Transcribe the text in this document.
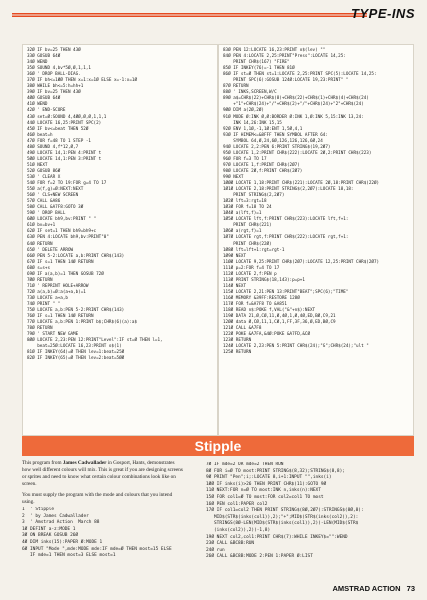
TYPE-INS
32Ø IF bv=25 THEN 43Ø
33Ø GOSUB 64Ø
34Ø WEND
35Ø SOUND 4,bv*5Ø,Ø,1,1,1
36Ø ' DROP BALL-DIAG.
37Ø IF bh<=1ØØ THEN x=1:x=1Ø ELSE x=-1:x=1Ø
38Ø WHILE bh<=5:h=hh+1
39Ø IF bv=25 THEN 43Ø
4ØØ GOSUB 64Ø
41Ø WEND
42Ø ' END-SCORE
43Ø set=Ø:SOUND 4,4ØØ,Ø,Ø,1,1,1
44Ø LOCATE 16,25:PRINT SPC(2)
45Ø IF bv<=beat THEN 52Ø
46Ø beat=h
47Ø FOR f=48 TO 1 STEP -1
48Ø SOUND 4,f*12,Ø,7
49Ø LOCATE 14,1:PEN 4:PRINT t
5ØØ LOCATE 14,1:PEN 3:PRINT t
51Ø NEXT
52Ø GOSUB 86Ø
53Ø ' CLEAR X
54Ø FOR f=2 TO 19:FOR g=4 TO 17
55Ø a(f,g)=Ø:NEXT:NEXT
56Ø ' CLS+NEW SCREEN
57Ø CALL &A86
58Ø CALL &A7F8:GOTO 3Ø
59Ø ' DROP BALL
6ØØ LOCATE bh9,bv:PRINT " "
61Ø bv=bv+1
62Ø IF set=1 THEN bh9=bh9+c
63Ø PEN 4:LOCATE bh9,bv:PRINT"0"
64Ø RETURN
65Ø ' DELETE ARROW
66Ø PEN 5-2:LOCATE a,b:PRINT CHR$(143)
67Ø IF s=1 THEN 14Ø RETURN
68Ø s=s+s
69Ø IF a(a,b)=1 THEN GOSUB 72Ø
7ØØ RETURN
71Ø ' REPRINT HOLE+ARROW
72Ø a(a,b)=Ø:a(a+a,b)=1
73Ø LOCATE a+a,b
74Ø PRINT " "
75Ø LOCATE a,b:PEN 5-2:PRINT CHR$(143)
76Ø IF s=1 THEN 14Ø RETURN
77Ø LOCATE a,b:PEN 1:PRINT b$;CHR$(6)(a):a$
78Ø RETURN
79Ø ' START NEW GAME
8ØØ LOCATE 2,23:PEN 12:PRINT"Level":IF st=Ø THEN l=1,
beat=25Ø:LOCATE 16,23:PRINT o$(1)
81Ø IF INKEY(64)=Ø THEN lev=1:beat=25Ø
82Ø IF INKEY(65)=Ø THEN lev=2:beat=5ØØ
83Ø PEN 12:LOCATE 16,23:PRINT o$(lev) ""
84Ø PEN 4:LOCATE 2,25:PRINT"Press":LOCATE 14,25:
PRINT CHR$(167) "FIRE"
85Ø IF INKEY(76)=-1 THEN 81Ø
86Ø IF st=Ø THEN st=1:LOCATE 2,25:PRINT SPC(5):LOCATE 14,25:
PRINT SPC(6):GOSUB 124Ø:LOCATE 19,23:PRINT" "
87Ø RETURN
88Ø ' INKS,SCREEN,W/C
89Ø a$=CHR$(22)+CHR$(8)+CHR$(22)+CHR$(1)+CHR$(4)+CHR$(24)
+"1"+CHR$(24)+"/"+CHR$(2)+"/"+CHR$(24)+"2"+CHR$(24)
9ØØ DIM a(2Ø,2Ø)
91Ø MODE Ø:INK Ø,Ø:BORDER Ø:INK 1,Ø:INK 5,15:INK 13,24:
INK 14,26:INK 15,15
92Ø ENV 1,1Ø,-1,1Ø:ENT 1,5Ø,4,1
93Ø IF HIMEM<=&8FFF THEN SYMBOL AFTER 64:
SYMBOL 64,Ø,24,6Ø,126,126,126,6Ø,24
94Ø LOCATE 2,2:PEN 6:PRINT STRING$(19,2Ø7)
95Ø LOCATE 1,2:PRINT CHR$(222):LOCATE 2Ø,2:PRINT CHR$(223)
96Ø FOR f=3 TO 17
97Ø LOCATE 1,f:PRINT CHR$(2Ø7)
98Ø LOCATE 2Ø,f:PRINT CHR$(2Ø7)
99Ø NEXT
1ØØØ LOCATE 1,18:PRINT CHR$(221):LOCATE 2Ø,18:PRINT CHR$(22Ø)
1Ø1Ø LOCATE 2,18:PRINT STRING$(2,2Ø7):LOCATE 18,18:
PRINT STRING$(2,2Ø7)
1Ø2Ø lft=3:rgt=18
1Ø3Ø FOR f=18 TO 24
1Ø4Ø a(lft,f)=1
1Ø5Ø LOCATE lft,f:PRINT CHR$(223):LOCATE lft,f+1:
PRINT CHR$(221)
1Ø6Ø a(rgt,f)=1
1Ø7Ø LOCATE rgt,f:PRINT CHR$(222):LOCATE rgt,f+1:
PRINT CHR$(22Ø)
1Ø8Ø lft=lft+1:rgt=rgt-1
1Ø9Ø NEXT
11ØØ LOCATE 9,25:PRINT CHR$(2Ø7):LOCATE 12,25:PRINT CHR$(2Ø7)
111Ø p=2:FOR f=4 TO 17
112Ø LOCATE 2,f:PEN p
113Ø PRINT STRING$(18,143):p=p+1
114Ø NEXT
115Ø LOCATE 2,21:PEN 13:PRINT"BEAT";SPC(6);"TIME"
116Ø MEMORY &39FF:RESTORE 128Ø
117Ø FOR f=&A7F8 TO &A851
118Ø READ n$:POKE f,VAL("&"+n$):NEXT
119Ø DATA 21,Ø,CØ,11,Ø,4Ø,1,Ø,4Ø,ED,BØ,C9,21
12ØØ data Ø,CØ,11,1,CØ,1,FF,3F,36,Ø,ED,BØ,C9
121Ø CALL &A7F8
122Ø POKE &A7FA,&4Ø:POKE &A7FD,&CØ
123Ø RETURN
124Ø LOCATE 2,23:PEN 5:PRINT CHR$(24);"G";CHR$(24);"ult "
125Ø RETURN
Stipple

This program from James Cadwallader in Gosport, Hants, demonstrates how well different colours will mix. This is great if you are designing screens or sprites and need to know what certain colour combinations look like on screen.

You must supply the program with the mode and colours that you intend using.

1  ' Stipple
2  ' by James Cadwallader
3  ' Amstrad Action  March 88
1Ø DEFINT a-z:MODE 1
3Ø ON BREAK GOSUB 26Ø
4Ø DIM inks(15):PAPER Ø:MODE 1
6Ø INPUT "Mode ",mde:MODE mde:IF mde=Ø THEN most=15 ELSE
IF mde=1 THEN most=3 ELSE most=1
7Ø IF mde=2 OR mde=2 THEN RUN
8Ø FOR i=Ø TO most:PRINT STRING$(8,32);STRING$(8,8);
9Ø PRINT "Pen";i;:LOCATE 8,i+1:INPUT "",inks(i)
1ØØ IF inks(i)>26 THEN PRINT CHR$(11):GOTO 9Ø
11Ø NEXT:FOR n=Ø TO most:INK n,inks(n):NEXT
15Ø FOR col1=Ø TO most:FOR col2=col1 TO most
16Ø PEN col1:PAPER col2
17Ø IF col1=col2 THEN PRINT STRING$(8Ø,2Ø7):STRINGS$(8Ø,8):
MID$(STR$(inks(col1)),2);"+";MID$(STR$(inks(col2)),2):
STRINGS(8Ø-LEN(MID$(STR$(inks(col1)),2))-LEN(MID$(STR$
(inks(col2)),2))-1,8)
19Ø NEXT col2,col1:PRINT CHR$(7):WHILE INKEY$="":WEND
23Ø CALL &BC8B:RUN
24Ø run
26Ø CALL &BC8B:MODE 2:PEN 1:PAPER Ø:LIST
AMSTRAD ACTION 73
